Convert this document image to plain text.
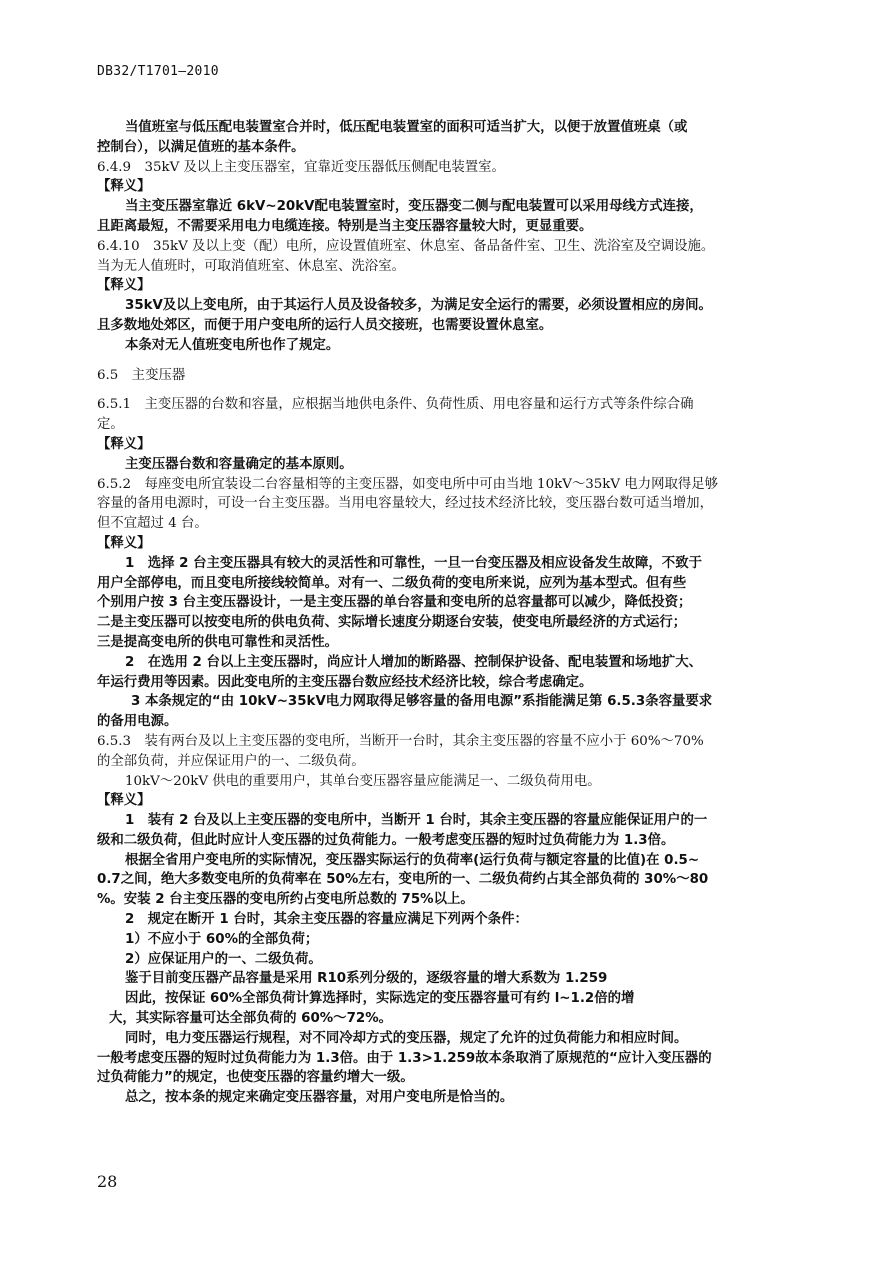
DB32/T1701—2010
当值班室与低压配电装置室合并时，低压配电装置室的面积可适当扩大，以便于放置值班桌（或
控制台），以满足值班的基本条件。
6.4.9　35kV 及以上主变压器室，宜靠近变压器低压侧配电装置室。
【释义】
当主变压器室靠近 6kV~20kV配电装置室时，变压器变二侧与配电装置可以采用母线方式连接，
且距离最短，不需要采用电力电缆连接。特别是当主变压器容量较大时，更显重要。
6.4.10　35kV 及以上变（配）电所，应设置值班室、休息室、备品备件室、卫生、洗浴室及空调设施。
当为无人值班时，可取消值班室、休息室、洗浴室。
【释义】
35kV及以上变电所，由于其运行人员及设备较多，为满足安全运行的需要，必须设置相应的房间。
且多数地处郊区，而便于用户变电所的运行人员交接班，也需要设置休息室。
本条对无人值班变电所也作了规定。
6.5　主变压器
6.5.1　主变压器的台数和容量，应根据当地供电条件、负荷性质、用电容量和运行方式等条件综合确
定。
【释义】
主变压器台数和容量确定的基本原则。
6.5.2　每座变电所宜装设二台容量相等的主变压器，如变电所中可由当地 10kV～35kV 电力网取得足够
容量的备用电源时，可设一台主变压器。当用电容量较大，经过技术经济比较，变压器台数可适当增加，
但不宜超过 4 台。
【释义】
1　选择 2 台主变压器具有较大的灵活性和可靠性，一旦一台变压器及相应设备发生故障，不致于
用户全部停电，而且变电所接线较简单。对有一、二级负荷的变电所来说，应列为基本型式。但有些
个别用户按 3 台主变压器设计，一是主变压器的单台容量和变电所的总容量都可以减少，降低投资；
二是主变压器可以按变电所的供电负荷、实际增长速度分期逐台安装，使变电所最经济的方式运行；
三是提高变电所的供电可靠性和灵活性。
2　在选用 2 台以上主变压器时，尚应计人增加的断路器、控制保护设备、配电装置和场地扩大、
年运行费用等因素。因此变电所的主变压器台数应经技术经济比较，综合考虑确定。
3 本条规定的“由 10kV~35kV电力网取得足够容量的备用电源”系指能满足第 6.5.3条容量要求
的备用电源。
6.5.3　装有两台及以上主变压器的变电所，当断开一台时，其余主变压器的容量不应小于 60%～70%
的全部负荷，并应保证用户的一、二级负荷。
10kV～20kV 供电的重要用户，其单台变压器容量应能满足一、二级负荷用电。
【释义】
1　装有 2 台及以上主变压器的变电所中，当断开 1 台时，其余主变压器的容量应能保证用户的一
级和二级负荷，但此时应计人变压器的过负荷能力。一般考虑变压器的短时过负荷能力为 1.3倍。
根据全省用户变电所的实际情况，变压器实际运行的负荷率(运行负荷与额定容量的比值)在 0.5~
0.7之间，绝大多数变电所的负荷率在 50%左右，变电所的一、二级负荷约占其全部负荷的 30%～80
%。安装 2 台主变压器的变电所约占变电所总数的 75%以上。
2　规定在断开 1 台时，其余主变压器的容量应满足下列两个条件：
1）不应小于 60%的全部负荷；
2）应保证用户的一、二级负荷。
鉴于目前变压器产品容量是采用 R10系列分级的，逐级容量的增大系数为 1.259
因此，按保证 60%全部负荷计算选择时，实际选定的变压器容量可有约 l~1.2倍的增
大，其实际容量可达全部负荷的 60%～72%。
同时，电力变压器运行规程，对不同冷却方式的变压器，规定了允许的过负荷能力和相应时间。
一般考虑变压器的短时过负荷能力为 1.3倍。由于 1.3>1.259故本条取消了原规范的“应计入变压器的
过负荷能力”的规定，也使变压器的容量约增大一级。
总之，按本条的规定来确定变压器容量，对用户变电所是恰当的。
28
